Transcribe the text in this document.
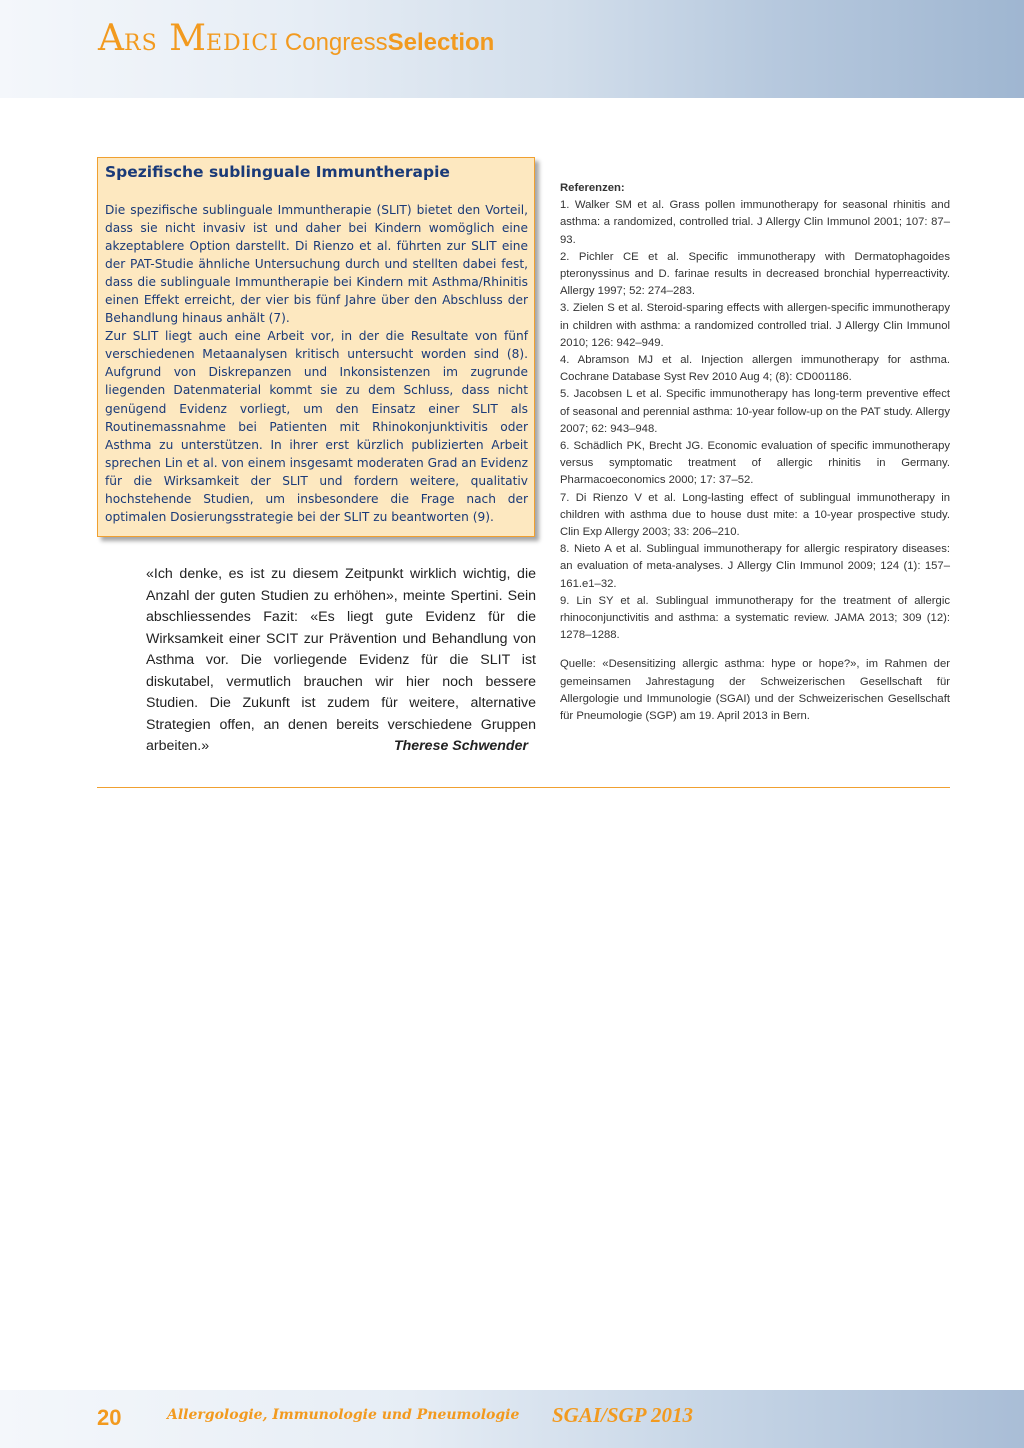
ARS MEDICI CongressSelection
Spezifische sublinguale Immuntherapie

Die spezifische sublinguale Immuntherapie (SLIT) bietet den Vorteil, dass sie nicht invasiv ist und daher bei Kindern womöglich eine akzeptablere Option darstellt. Di Rienzo et al. führten zur SLIT eine der PAT-Studie ähnliche Untersuchung durch und stellten dabei fest, dass die sublinguale Immuntherapie bei Kindern mit Asthma/Rhinitis einen Effekt erreicht, der vier bis fünf Jahre über den Abschluss der Behandlung hinaus anhält (7).

Zur SLIT liegt auch eine Arbeit vor, in der die Resultate von fünf verschiedenen Metaanalysen kritisch untersucht worden sind (8). Aufgrund von Diskrepanzen und Inkonsistenzen im zugrunde liegenden Datenmaterial kommt sie zu dem Schluss, dass nicht genügend Evidenz vorliegt, um den Einsatz einer SLIT als Routinemassnahme bei Patienten mit Rhinokonjunktivitis oder Asthma zu unterstützen. In ihrer erst kürzlich publizierten Arbeit sprechen Lin et al. von einem insgesamt moderaten Grad an Evidenz für die Wirksamkeit der SLIT und fordern weitere, qualitativ hochstehende Studien, um insbesondere die Frage nach der optimalen Dosierungsstrategie bei der SLIT zu beantworten (9).

«Ich denke, es ist zu diesem Zeitpunkt wirklich wichtig, die Anzahl der guten Studien zu erhöhen», meinte Spertini. Sein abschliessendes Fazit: «Es liegt gute Evidenz für die Wirksamkeit einer SCIT zur Prävention und Behandlung von Asthma vor. Die vorliegende Evidenz für die SLIT ist diskutabel, vermutlich brauchen wir hier noch bessere Studien. Die Zukunft ist zudem für weitere, alternative Strategien offen, an denen bereits verschiedene Gruppen arbeiten.»	Therese Schwender

Referenzen:

1. Walker SM et al. Grass pollen immunotherapy for seasonal rhinitis and asthma: a randomized, controlled trial. J Allergy Clin Immunol 2001; 107: 87–93.

2. Pichler CE et al. Specific immunotherapy with Dermatophagoides pteronyssinus and D. farinae results in decreased bronchial hyperreactivity. Allergy 1997; 52: 274–283.

3. Zielen S et al. Steroid-sparing effects with allergen-specific immunotherapy in children with asthma: a randomized controlled trial. J Allergy Clin Immunol 2010; 126: 942–949.

4. Abramson MJ et al. Injection allergen immunotherapy for asthma. Cochrane Database Syst Rev 2010 Aug 4; (8): CD001186.

5. Jacobsen L et al. Specific immunotherapy has long-term preventive effect of seasonal and perennial asthma: 10-year follow-up on the PAT study. Allergy 2007; 62: 943–948.

6. Schädlich PK, Brecht JG. Economic evaluation of specific immunotherapy versus symptomatic treatment of allergic rhinitis in Germany. Pharmacoeconomics 2000; 17: 37–52.

7. Di Rienzo V et al. Long-lasting effect of sublingual immunotherapy in children with asthma due to house dust mite: a 10-year prospective study. Clin Exp Allergy 2003; 33: 206–210.

8. Nieto A et al. Sublingual immunotherapy for allergic respiratory diseases: an evaluation of meta-analyses. J Allergy Clin Immunol 2009; 124 (1): 157–161.e1–32.

9. Lin SY et al. Sublingual immunotherapy for the treatment of allergic rhinoconjunctivitis and asthma: a systematic review. JAMA 2013; 309 (12): 1278–1288.

Quelle: «Desensitizing allergic asthma: hype or hope?», im Rahmen der gemeinsamen Jahrestagung der Schweizerischen Gesellschaft für Allergologie und Immunologie (SGAI) und der Schweizerischen Gesellschaft für Pneumologie (SGP) am 19. April 2013 in Bern.

20	Allergologie, Immunologie und Pneumologie SGAI/SGP 2013
